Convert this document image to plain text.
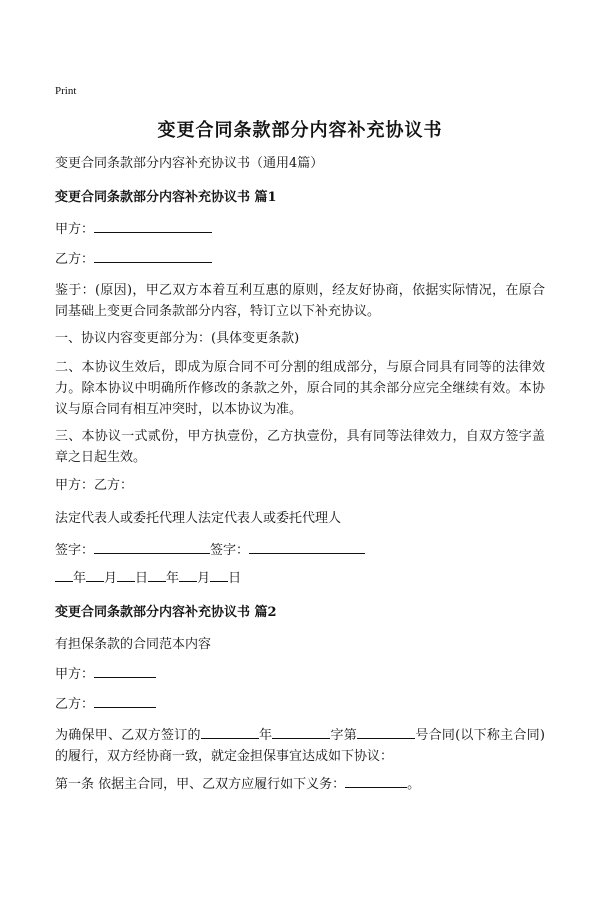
Print
变更合同条款部分内容补充协议书
变更合同条款部分内容补充协议书（通用4篇）
变更合同条款部分内容补充协议书 篇1
甲方：
乙方：
鉴于：(原因)，甲乙双方本着互利互惠的原则，经友好协商，依据实际情况，在原合同基础上变更合同条款部分内容，特订立以下补充协议。
一、协议内容变更部分为：(具体变更条款)
二、本协议生效后，即成为原合同不可分割的组成部分，与原合同具有同等的法律效力。除本协议中明确所作修改的条款之外，原合同的其余部分应完全继续有效。本协议与原合同有相互冲突时，以本协议为准。
三、本协议一式贰份，甲方执壹份，乙方执壹份，具有同等法律效力，自双方签字盖章之日起生效。
甲方：乙方：
法定代表人或委托代理人法定代表人或委托代理人
签字：	签字：
年 月 日 年 月 日
变更合同条款部分内容补充协议书 篇2
有担保条款的合同范本内容
甲方：
乙方：
为确保甲、乙双方签订的	年	字第	号合同(以下称主合同)的履行，双方经协商一致，就定金担保事宜达成如下协议：
第一条 依据主合同，甲、乙双方应履行如下义务：	。
